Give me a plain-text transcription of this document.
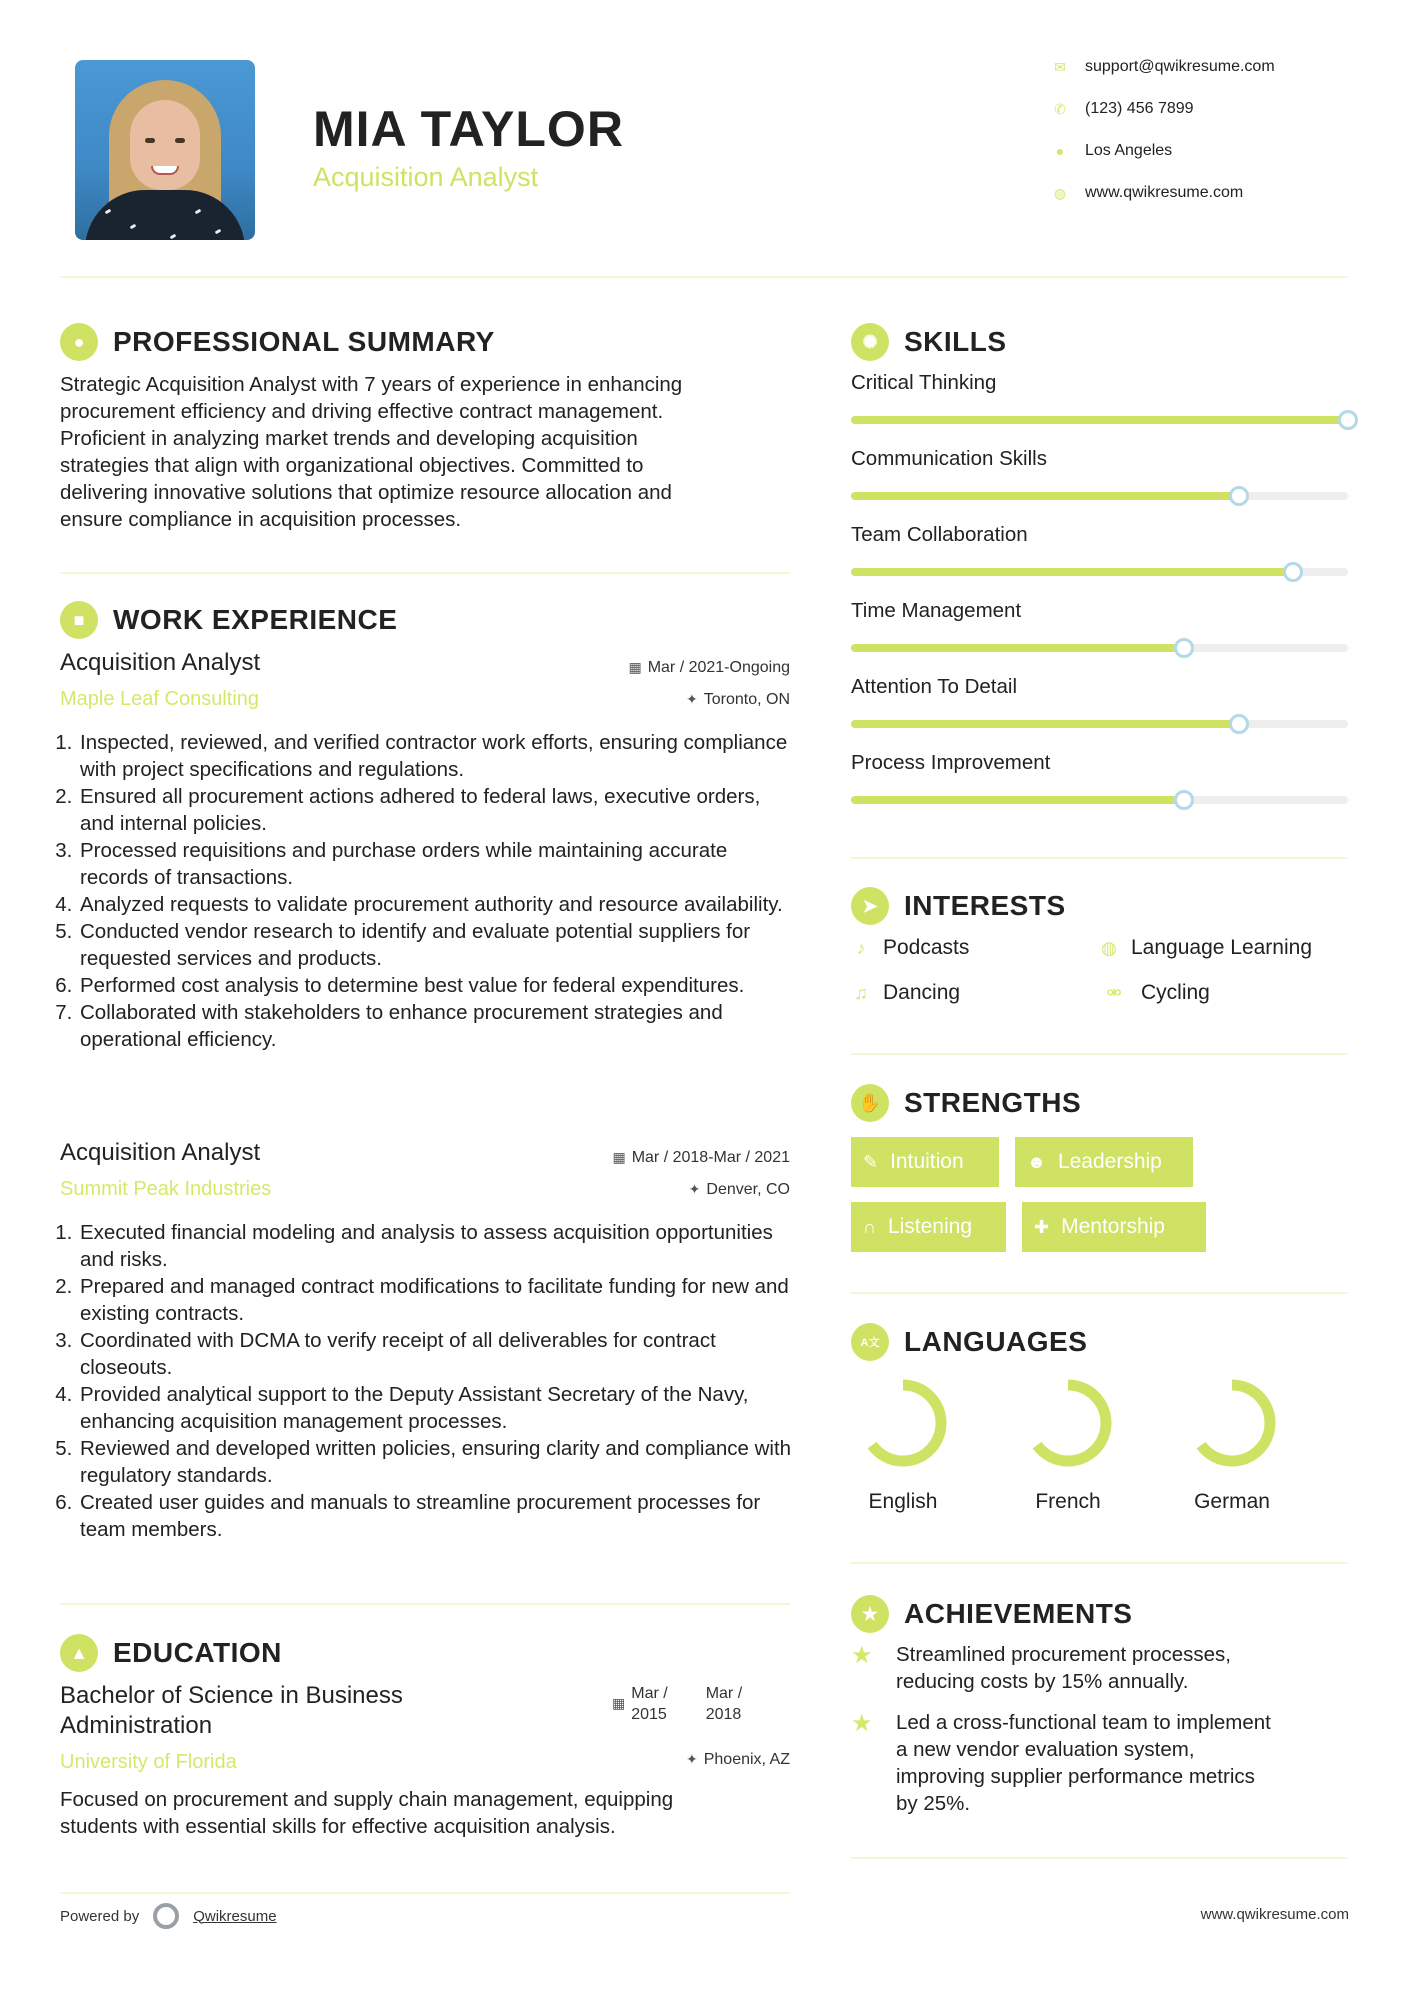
MIA TAYLOR
Acquisition Analyst
✉ support@qwikresume.com
✆ (123) 456 7899
●	Los Angeles
◍ www.qwikresume.com
●	PROFESSIONAL SUMMARY
Strategic Acquisition Analyst with 7 years of experience in enhancing
procurement efficiency and driving effective contract management.
Proficient in analyzing market trends and developing acquisition
strategies that align with organizational objectives. Committed to
delivering innovative solutions that optimize resource allocation and
ensure compliance in acquisition processes.
■	WORK EXPERIENCE
Acquisition Analyst
Maple Leaf Consulting
▦ Mar / 2021-Ongoing
✦ Toronto, ON
1. Inspected, reviewed, and verified contractor work efforts, ensuring compliance with project specifications and regulations.
2. Ensured all procurement actions adhered to federal laws, executive orders, and internal policies.
3. Processed requisitions and purchase orders while maintaining accurate records of transactions.
4. Analyzed requests to validate procurement authority and resource availability.
5. Conducted vendor research to identify and evaluate potential suppliers for requested services and products.
6. Performed cost analysis to determine best value for federal expenditures.
7. Collaborated with stakeholders to enhance procurement strategies and operational efficiency.
Acquisition Analyst
Summit Peak Industries
▦ Mar / 2018-Mar / 2021
✦ Denver, CO
1. Executed financial modeling and analysis to assess acquisition opportunities and risks.
2. Prepared and managed contract modifications to facilitate funding for new and existing contracts.
3. Coordinated with DCMA to verify receipt of all deliverables for contract closeouts.
4. Provided analytical support to the Deputy Assistant Secretary of the Navy, enhancing acquisition management processes.
5. Reviewed and developed written policies, ensuring clarity and compliance with regulatory standards.
6. Created user guides and manuals to streamline procurement processes for team members.
▲ EDUCATION
Bachelor of Science in Business
Administration
University of Florida
▦
Mar /
2015
Mar /
2018
✦ Phoenix, AZ
Focused on procurement and supply chain management, equipping
students with essential skills for effective acquisition analysis.
✺ SKILLS
Critical Thinking
Communication Skills
Team Collaboration
Time Management
Attention To Detail
Process Improvement
➤ INTERESTS
♪ Podcasts	◍ Language Learning
♫ Dancing	⚮ Cycling
✋ STRENGTHS
✎ Intuition	☻ Leadership
∩ Listening	✚ Mentorship
A文 LANGUAGES
English	French	German
★ ACHIEVEMENTS
★	Streamlined procurement processes,
reducing costs by 15% annually.
★	Led a cross-functional team to implement
a new vendor evaluation system,
improving supplier performance metrics
by 25%.
Powered by	Qwikresume	www.qwikresume.com
